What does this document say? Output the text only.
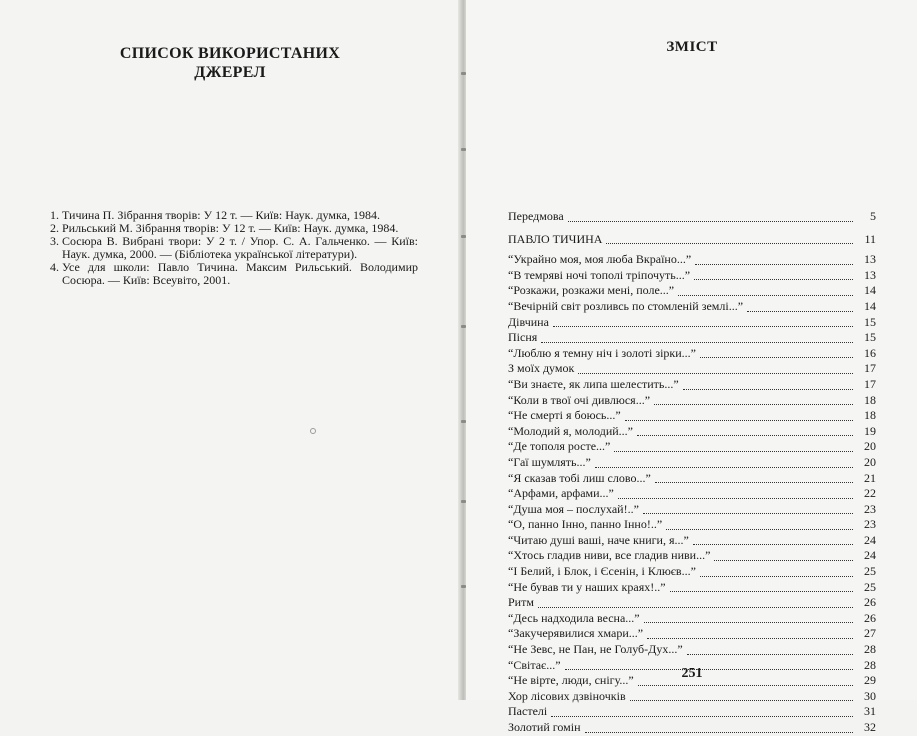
СПИСОК ВИКОРИСТАНИХ
ДЖЕРЕЛ
1. Тичина П. Зібрання творів: У 12 т. — Київ: Наук. думка, 1984.
2. Рильський М. Зібрання творів: У 12 т. — Київ: Наук. думка, 1984.
3. Сосюра В. Вибрані твори: У 2 т. / Упор. С. А. Гальченко. — Київ: Наук. думка, 2000. — (Бібліотека української літератури).
4. Усе для школи: Павло Тичина. Максим Рильський. Володимир Сосюра. — Київ: Всеувіто, 2001.
ЗМІСТ
Передмова	5
ПАВЛО ТИЧИНА	11
“Украйно моя, моя люба Вкраїно...”	13
“В темряві ночі тополі тріпочуть...”	13
“Розкажи, розкажи мені, поле...”	14
“Вечірній світ розливсь по стомленій землі...”	14
Дівчина	15
Пісня	15
“Люблю я темну ніч і золоті зірки...”	16
З моїх думок	17
“Ви знаєте, як липа шелестить...”	17
“Коли в твої очі дивлюся...”	18
“Не смерті я боюсь...”	18
“Молодий я, молодий...”	19
“Де тополя росте...”	20
“Гаї шумлять...”	20
“Я сказав тобі лиш слово...”	21
“Арфами, арфами...”	22
“Душа моя – послухай!..”	23
“О, панно Інно, панно Інно!..”	23
“Читаю душі ваші, наче книги, я...”	24
“Хтось гладив ниви, все гладив ниви...”	24
“І Белий, і Блок, і Єсенін, і Клюєв...”	25
“Не бував ти у наших краях!..”	25
Ритм	26
“Десь надходила весна...”	26
“Закучерявилися хмари...”	27
“Не Зевс, не Пан, не Голуб-Дух...”	28
“Світає...”	28
“Не вірте, люди, снігу...”	29
Хор лісових дзвіночків	30
Пастелі	31
Золотий гомін	32
251
